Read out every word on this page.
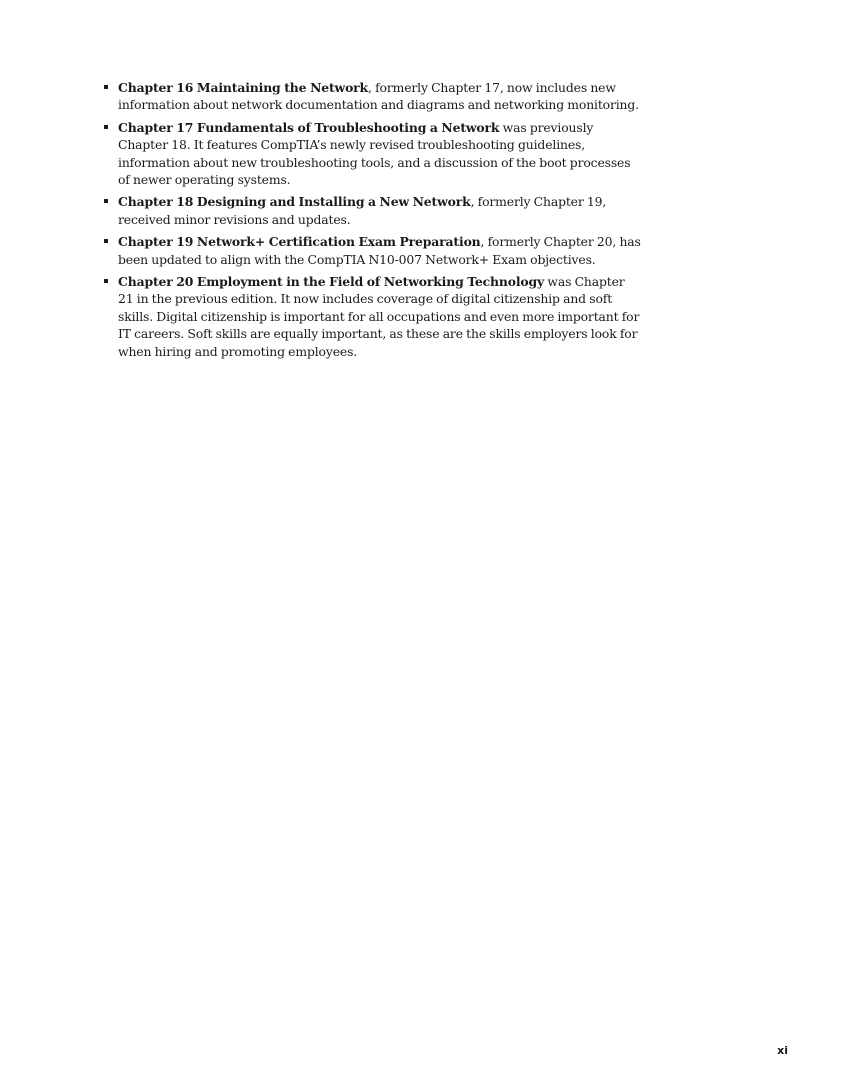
Chapter 16 Maintaining the Network, formerly Chapter 17, now includes new information about network documentation and diagrams and networking monitoring.
Chapter 17 Fundamentals of Troubleshooting a Network was previously Chapter 18. It features CompTIA’s newly revised troubleshooting guidelines, information about new troubleshooting tools, and a discussion of the boot processes of newer operating systems.
Chapter 18 Designing and Installing a New Network, formerly Chapter 19, received minor revisions and updates.
Chapter 19 Network+ Certification Exam Preparation, formerly Chapter 20, has been updated to align with the CompTIA N10-007 Network+ Exam objectives.
Chapter 20 Employment in the Field of Networking Technology was Chapter 21 in the previous edition. It now includes coverage of digital citizenship and soft skills. Digital citizenship is important for all occupations and even more important for IT careers. Soft skills are equally important, as these are the skills employers look for when hiring and promoting employees.
xi
